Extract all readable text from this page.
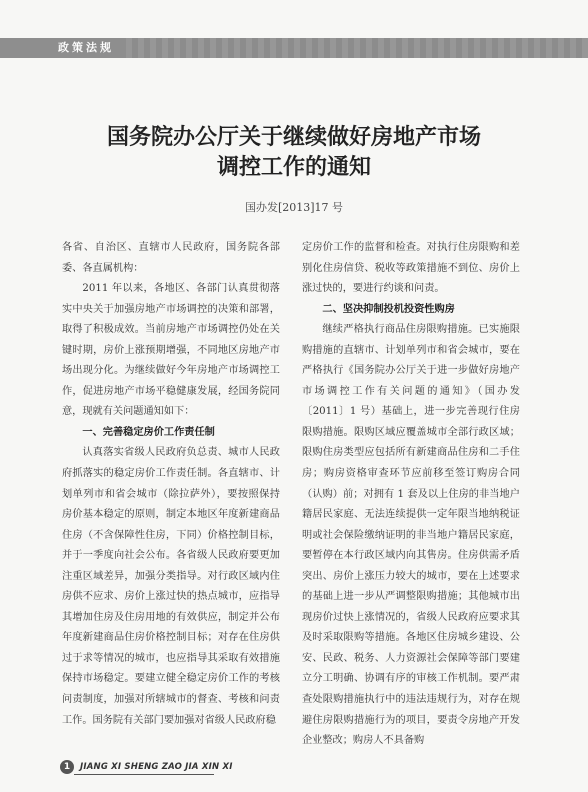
政策法规
国务院办公厅关于继续做好房地产市场
调控工作的通知
国办发[2013]17 号

各省、自治区、直辖市人民政府，国务院各部委、各直属机构：

2011 年以来，各地区、各部门认真贯彻落实中央关于加强房地产市场调控的决策和部署，取得了积极成效。当前房地产市场调控仍处在关键时期，房价上涨预期增强，不同地区房地产市场出现分化。为继续做好今年房地产市场调控工作，促进房地产市场平稳健康发展，经国务院同意，现就有关问题通知如下：

一、完善稳定房价工作责任制

认真落实省级人民政府负总责、城市人民政府抓落实的稳定房价工作责任制。各直辖市、计划单列市和省会城市（除拉萨外），要按照保持房价基本稳定的原则，制定本地区年度新建商品住房（不含保障性住房，下同）价格控制目标，并于一季度向社会公布。各省级人民政府要更加注重区域差异，加强分类指导。对行政区域内住房供不应求、房价上涨过快的热点城市，应指导其增加住房及住房用地的有效供应，制定并公布年度新建商品住房价格控制目标；对存在住房供过于求等情况的城市，也应指导其采取有效措施保持市场稳定。要建立健全稳定房价工作的考核问责制度，加强对所辖城市的督查、考核和问责工作。国务院有关部门要加强对省级人民政府稳

定房价工作的监督和检查。对执行住房限购和差别化住房信贷、税收等政策措施不到位、房价上涨过快的，要进行约谈和问责。

二、坚决抑制投机投资性购房

继续严格执行商品住房限购措施。已实施限购措施的直辖市、计划单列市和省会城市，要在严格执行《国务院办公厅关于进一步做好房地产市场调控工作有关问题的通知》（国办发〔2011〕1 号）基础上，进一步完善现行住房限购措施。限购区域应覆盖城市全部行政区域；限购住房类型应包括所有新建商品住房和二手住房；购房资格审查环节应前移至签订购房合同（认购）前；对拥有 1 套及以上住房的非当地户籍居民家庭、无法连续提供一定年限当地纳税证明或社会保险缴纳证明的非当地户籍居民家庭，要暂停在本行政区域内向其售房。住房供需矛盾突出、房价上涨压力较大的城市，要在上述要求的基础上进一步从严调整限购措施；其他城市出现房价过快上涨情况的，省级人民政府应要求其及时采取限购等措施。各地区住房城乡建设、公安、民政、税务、人力资源社会保障等部门要建立分工明确、协调有序的审核工作机制。要严肃查处限购措施执行中的违法违规行为，对存在规避住房限购措施行为的项目，要责令房地产开发企业整改；购房人不具备购

1	JIANG XI SHENG ZAO JIA XIN XI
